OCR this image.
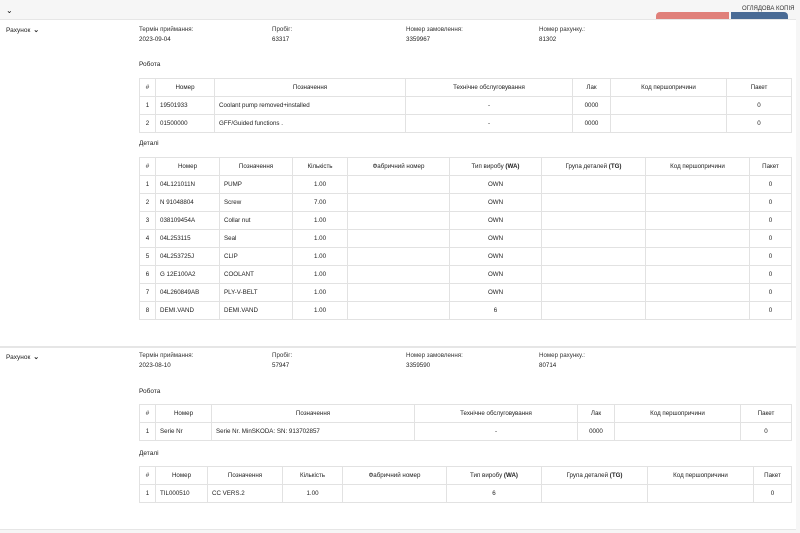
⌄	ОГЛЯДОВА КОПІЯ
Рахунок ⌄	Термін приймання:
2023-09-04
Пробіг:
63317
Номер замовлення:
3359967
Номер рахунку.:
81302
Робота
#	Номер	Позначення	Технічне обслуговування	Лак	Код першопричини	Пакет
1	19501933	Coolant pump removed+installed	-	0000		0
2	01500000	GFF/Guided functions .	-	0000		0
Деталі
#	Номер	Позначення	Кількість	Фабричний номер	Тип виробу (WA)	Група деталей (TG)	Код першопричини	Пакет
1	04L121011N	PUMP	1.00		OWN			0
2	N 91048804	Screw	7.00		OWN			0
3	038109454A	Collar nut	1.00		OWN			0
4	04L253115	Seal	1.00		OWN			0
5	04L253725J	CLIP	1.00		OWN			0
6	G 12E100A2	COOLANT	1.00		OWN			0
7	04L260849AB	PLY-V-BELT	1.00		OWN			0
8	DEMI.VAND	DEMI.VAND	1.00		6			0
Рахунок ⌄	Термін приймання:
2023-08-10
Пробіг:
57947
Номер замовлення:
3359590
Номер рахунку.:
80714
Робота
#	Номер	Позначення	Технічне обслуговування	Лак	Код першопричини	Пакет
1	Serie Nr	Serie Nr. MinSKODA: SN: 913702857	-	0000		0
Деталі
#	Номер	Позначення	Кількість	Фабричний номер	Тип виробу (WA)	Група деталей (TG)	Код першопричини	Пакет
1	TIL000510	CC VERS.2	1.00		6			0
